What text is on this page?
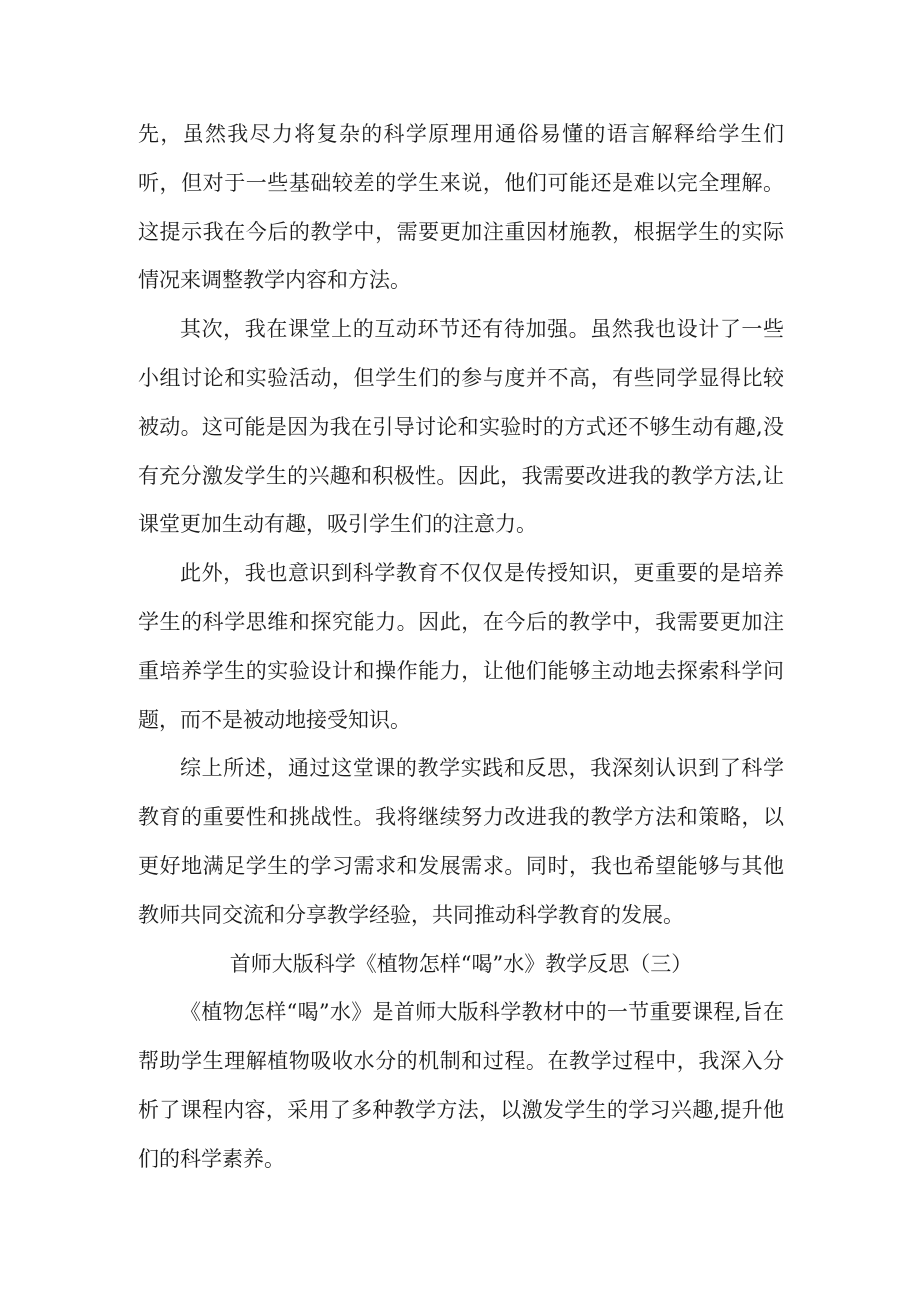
先，虽然我尽力将复杂的科学原理用通俗易懂的语言解释给学生们听，但对于一些基础较差的学生来说，他们可能还是难以完全理解。这提示我在今后的教学中，需要更加注重因材施教，根据学生的实际情况来调整教学内容和方法。

其次，我在课堂上的互动环节还有待加强。虽然我也设计了一些小组讨论和实验活动，但学生们的参与度并不高，有些同学显得比较被动。这可能是因为我在引导讨论和实验时的方式还不够生动有趣,没有充分激发学生的兴趣和积极性。因此，我需要改进我的教学方法,让课堂更加生动有趣，吸引学生们的注意力。

此外，我也意识到科学教育不仅仅是传授知识，更重要的是培养学生的科学思维和探究能力。因此，在今后的教学中，我需要更加注重培养学生的实验设计和操作能力，让他们能够主动地去探索科学问题，而不是被动地接受知识。

综上所述，通过这堂课的教学实践和反思，我深刻认识到了科学教育的重要性和挑战性。我将继续努力改进我的教学方法和策略，以更好地满足学生的学习需求和发展需求。同时，我也希望能够与其他教师共同交流和分享教学经验，共同推动科学教育的发展。

首师大版科学《植物怎样“喝”水》教学反思（三）

《植物怎样“喝”水》是首师大版科学教材中的一节重要课程,旨在帮助学生理解植物吸收水分的机制和过程。在教学过程中，我深入分析了课程内容，采用了多种教学方法，以激发学生的学习兴趣,提升他们的科学素养。
